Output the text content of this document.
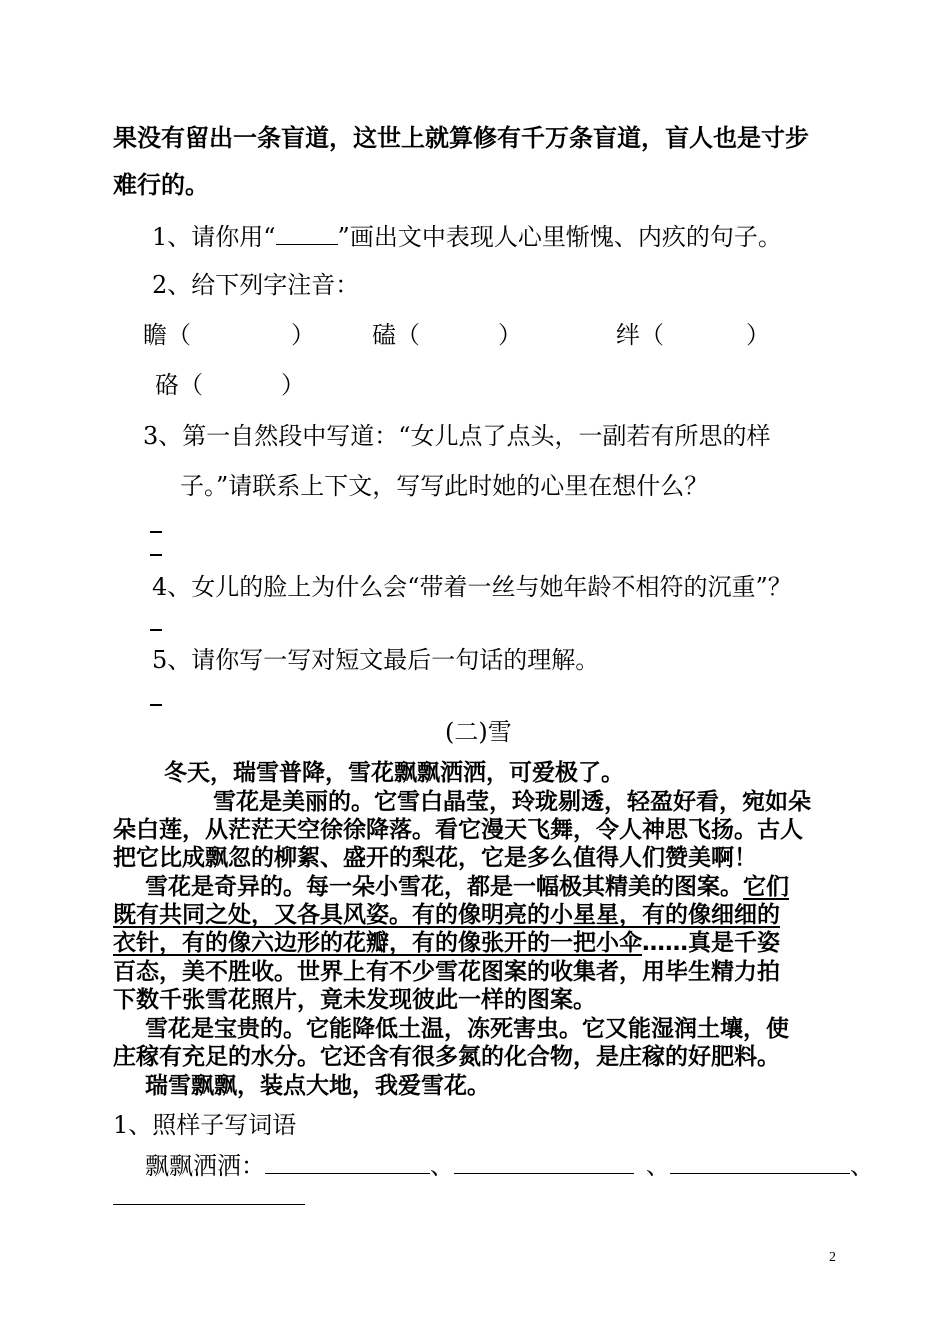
果没有留出一条盲道，这世上就算修有千万条盲道，盲人也是寸步
难行的。
1、请你用“	”画出文中表现人心里惭愧、内疚的句子。
2、给下列字注音：
瞻（	） 磕（	）	绊（	）
硌（	）
3、第一自然段中写道：“女儿点了点头，一副若有所思的样
子。”请联系上下文，写写此时她的心里在想什么？
4、女儿的脸上为什么会“带着一丝与她年龄不相符的沉重”？
5、请你写一写对短文最后一句话的理解。
(二)雪
冬天，瑞雪普降，雪花飘飘洒洒，可爱极了。
雪花是美丽的。它雪白晶莹，玲珑剔透，轻盈好看，宛如朵
朵白莲，从茫茫天空徐徐降落。看它漫天飞舞，令人神思飞扬。古人
把它比成飘忽的柳絮、盛开的梨花，它是多么值得人们赞美啊！
雪花是奇异的。每一朵小雪花，都是一幅极其精美的图案。它们
既有共同之处，又各具风姿。有的像明亮的小星星，有的像细细的
衣针，有的像六边形的花瓣，有的像张开的一把小伞……真是千姿
百态，美不胜收。世界上有不少雪花图案的收集者，用毕生精力拍
下数千张雪花照片，竟未发现彼此一样的图案。
雪花是宝贵的。它能降低土温，冻死害虫。它又能湿润土壤，使
庄稼有充足的水分。它还含有很多氮的化合物，是庄稼的好肥料。
瑞雪飘飘，装点大地，我爱雪花。
1、照样子写词语
飘飘洒洒：	、	、	、
2
